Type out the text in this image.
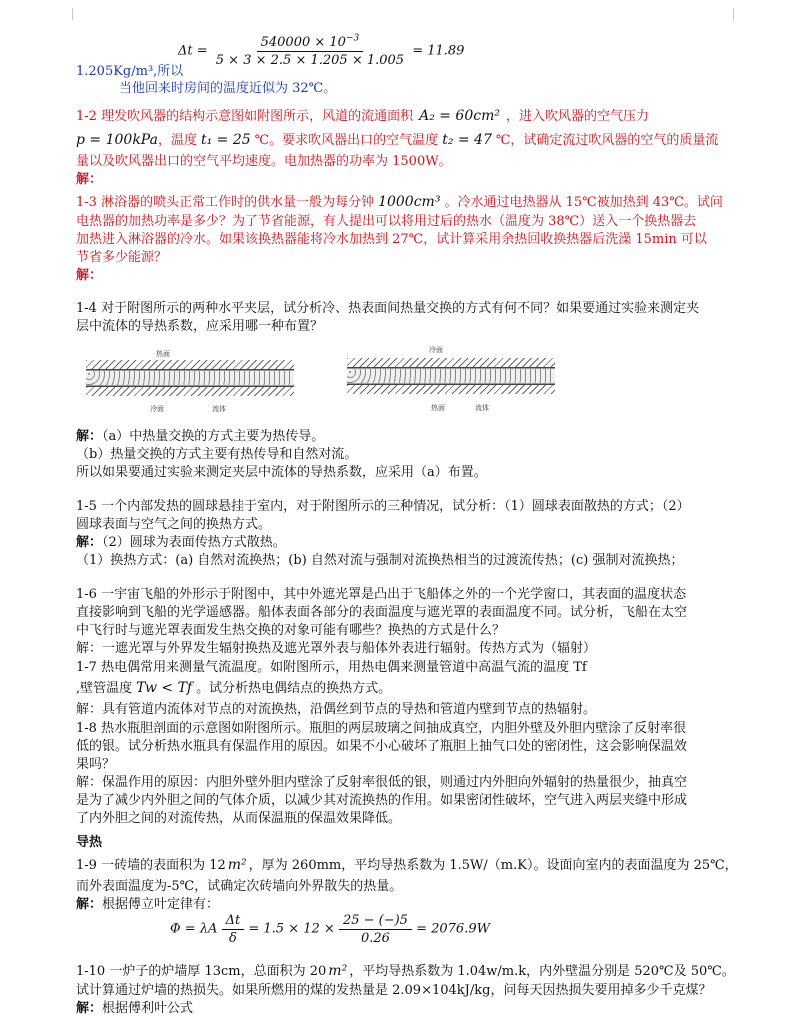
$\Delta t = \frac{540000 \times 10^{-3}}{5 \times 3 \times 2.5 \times 1.205 \times 1.005} = 11.89$
1.205Kg/m³,所以
当他回来时房间的温度近似为 32℃。
1-2 理发吹风器的结构示意图如附图所示，风道的流通面积 A₂ = 60cm² ，进入吹风器的空气压力
p = 100kPa，温度 t₁ = 25 ℃。要求吹风器出口的空气温度 t₂ = 47 ℃，试确定流过吹风器的空气的质量流
量以及吹风器出口的空气平均速度。电加热器的功率为 1500W。
解：
1-3 淋浴器的喷头正常工作时的供水量一般为每分钟 1000cm³ 。冷水通过电热器从 15℃被加热到 43℃。试问
电热器的加热功率是多少？为了节省能源，有人提出可以将用过后的热水（温度为 38℃）送入一个换热器去
加热进入淋浴器的冷水。如果该换热器能将冷水加热到 27℃，试计算采用余热回收换热器后洗澡 15min 可以
节省多少能源？
解：
1-4 对于附图所示的两种水平夹层，试分析冷、热表面间热量交换的方式有何不同？如果要通过实验来测定夹
层中流体的导热系数，应采用哪一种布置？
热面
冷面	流体
冷面
热面	流体
解：（a）中热量交换的方式主要为热传导。
（b）热量交换的方式主要有热传导和自然对流。
所以如果要通过实验来测定夹层中流体的导热系数，应采用（a）布置。
1-5 一个内部发热的圆球悬挂于室内，对于附图所示的三种情况，试分析：（1）圆球表面散热的方式；（2）
圆球表面与空气之间的换热方式。
解：（2）圆球为表面传热方式散热。
（1）换热方式：(a) 自然对流换热；(b) 自然对流与强制对流换热相当的过渡流传热；(c) 强制对流换热；
1-6 一宇宙飞船的外形示于附图中，其中外遮光罩是凸出于飞船体之外的一个光学窗口，其表面的温度状态
直接影响到飞船的光学遥感器。船体表面各部分的表面温度与遮光罩的表面温度不同。试分析，飞船在太空
中飞行时与遮光罩表面发生热交换的对象可能有哪些？换热的方式是什么？
解：一遮光罩与外界发生辐射换热及遮光罩外表与船体外表进行辐射。传热方式为（辐射）
1-7 热电偶常用来测量气流温度。如附图所示，用热电偶来测量管道中高温气流的温度 Tf
,壁管温度 Tw < Tf 。试分析热电偶结点的换热方式。
解：具有管道内流体对节点的对流换热，沿偶丝到节点的导热和管道内壁到节点的热辐射。
1-8 热水瓶胆剖面的示意图如附图所示。瓶胆的两层玻璃之间抽成真空，内胆外壁及外胆内壁涂了反射率很
低的银。试分析热水瓶具有保温作用的原因。如果不小心破坏了瓶胆上抽气口处的密闭性，这会影响保温效
果吗？
解：保温作用的原因：内胆外壁外胆内壁涂了反射率很低的银，则通过内外胆向外辐射的热量很少，抽真空
是为了减少内外胆之间的气体介质，以减少其对流换热的作用。如果密闭性破坏，空气进入两层夹缝中形成
了内外胆之间的对流传热，从而保温瓶的保温效果降低。
导热
1-9 一砖墙的表面积为 12 m² ，厚为 260mm，平均导热系数为 1.5W/（m.K）。设面向室内的表面温度为 25℃，
而外表面温度为-5℃，试确定次砖墙向外界散失的热量。
解：根据傅立叶定律有：
Φ = λA $\frac{\Delta t}{\delta} = 1.5 \times 12 \times \frac{25 - (-)5}{0.26} = 2076.9W$
1-10 一炉子的炉墙厚 13cm，总面积为 20 m² ，平均导热系数为 1.04w/m.k，内外壁温分别是 520℃及 50℃。
试计算通过炉墙的热损失。如果所燃用的煤的发热量是 2.09×104kJ/kg，问每天因热损失要用掉多少千克煤？
解：根据傅利叶公式
